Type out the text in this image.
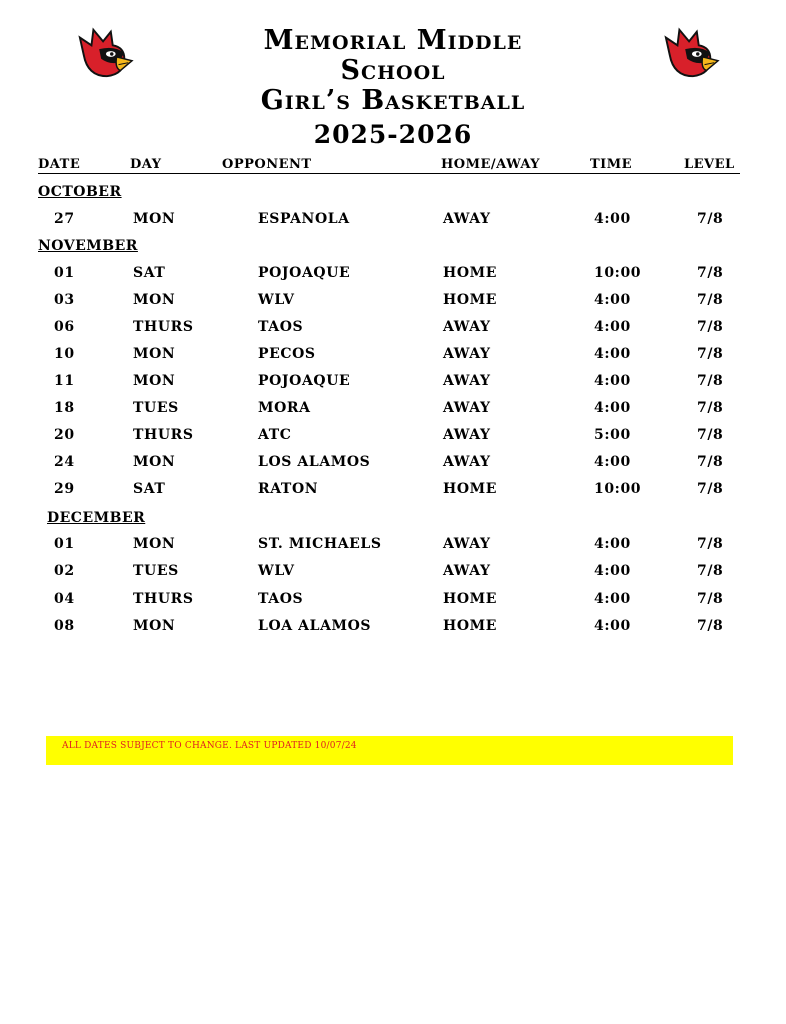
Memorial Middle
School
Girl’s Basketball
2025-2026
DATE	DAY	OPPONENT	HOME/AWAY	TIME	LEVEL
OCTOBER
27	MON	ESPANOLA	AWAY	4:00	7/8
NOVEMBER
01	SAT	POJOAQUE	HOME	10:00	7/8
03	MON	WLV	HOME	4:00	7/8
06	THURS	TAOS	AWAY	4:00	7/8
10	MON	PECOS	AWAY	4:00	7/8
11	MON	POJOAQUE	AWAY	4:00	7/8
18	TUES	MORA	AWAY	4:00	7/8
20	THURS	ATC	AWAY	5:00	7/8
24	MON	LOS ALAMOS	AWAY	4:00	7/8
29	SAT	RATON	HOME	10:00	7/8
DECEMBER
01	MON	ST. MICHAELS	AWAY	4:00	7/8
02	TUES	WLV	AWAY	4:00	7/8
04	THURS	TAOS	HOME	4:00	7/8
08	MON	LOA ALAMOS	HOME	4:00	7/8
ALL DATES SUBJECT TO CHANGE. LAST UPDATED 10/07/24
